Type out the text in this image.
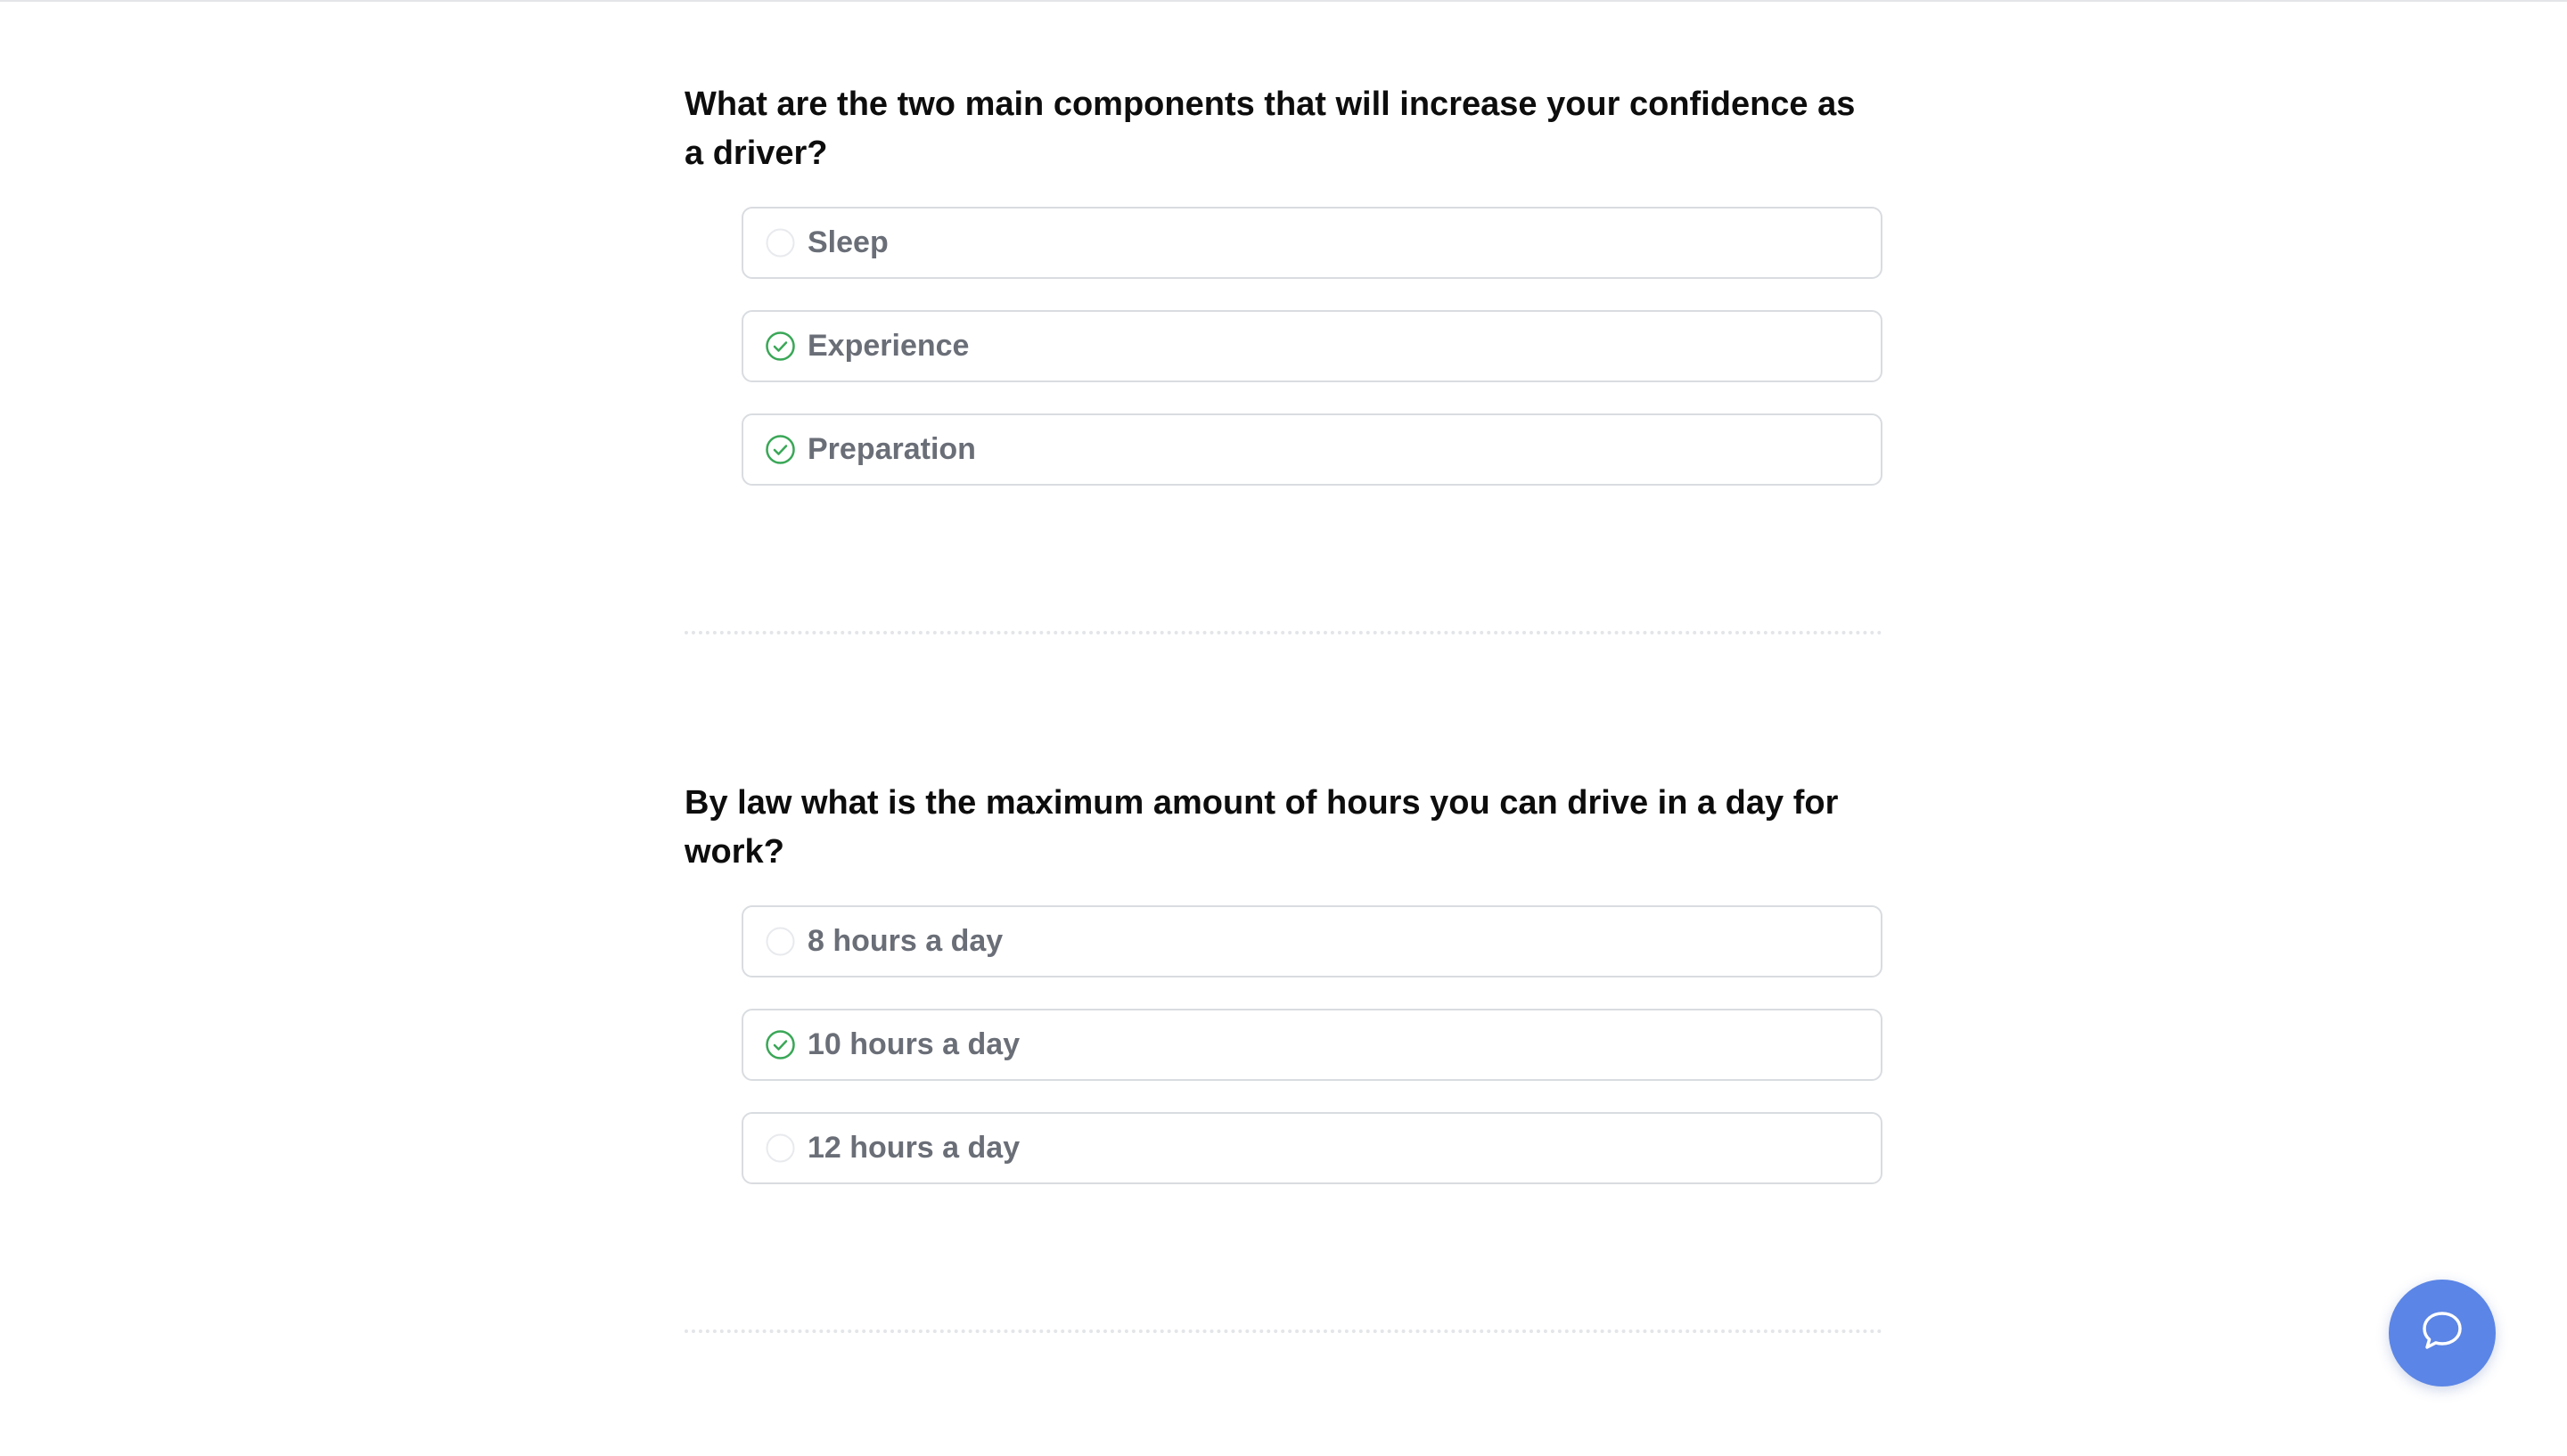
What are the two main components that will increase your confidence as a driver?
Sleep
Experience
Preparation
By law what is the maximum amount of hours you can drive in a day for work?
8 hours a day
10 hours a day
12 hours a day
